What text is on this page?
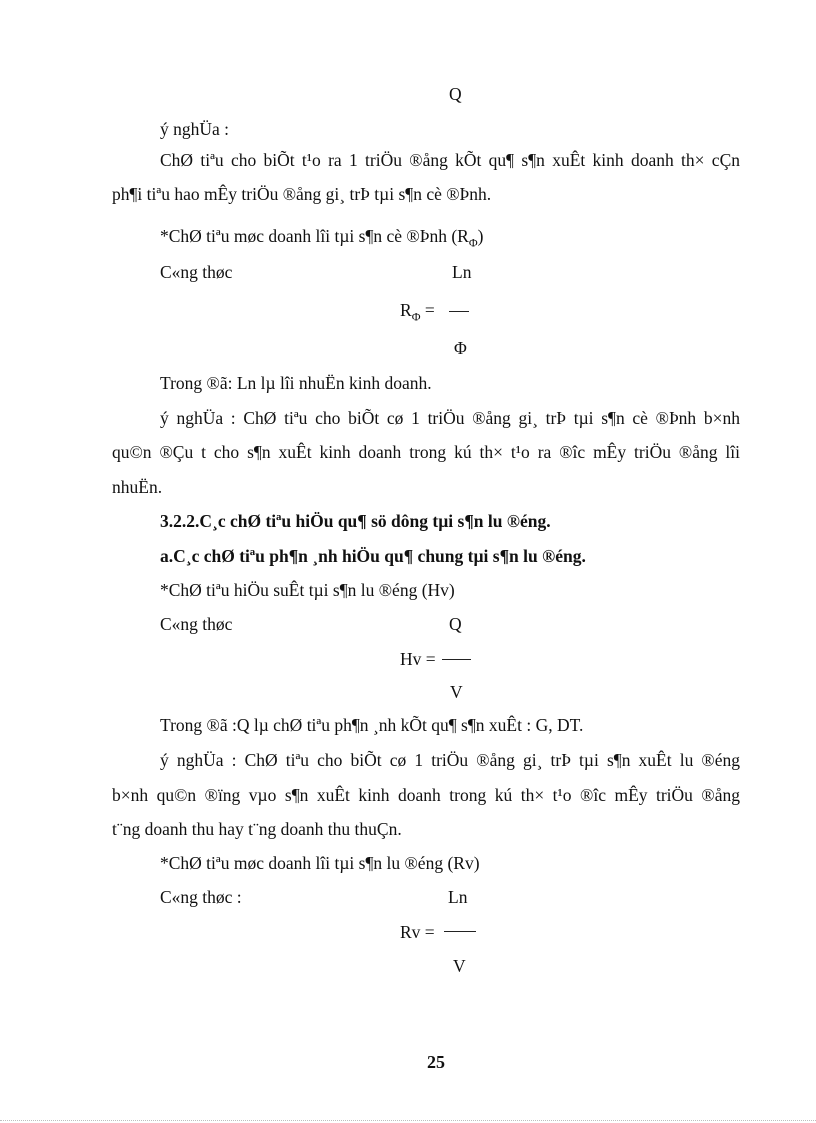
Q
ý nghÜa :
ChØ tiªu cho biÕt t¹o ra 1 triÖu ®ång kÕt qu¶ s¶n xuÊt kinh doanh th× cÇn
ph¶i tiªu hao mÊy triÖu ®ång gi¸ trÞ tµi s¶n cè ®Þnh.
*ChØ tiªu møc doanh lîi tµi s¶n cè ®Þnh $(R_\Phi)$
C«ng thøc	Ln
$R_\Phi$ =
Φ
Trong ®ã: Ln lµ lîi nhuËn kinh doanh.
ý nghÜa : ChØ tiªu cho biÕt cø 1 triÖu ®ång gi¸ trÞ tµi s¶n cè ®Þnh b×nh
qu©n ®Çu t cho s¶n xuÊt kinh doanh trong kú th× t¹o ra ®îc mÊy triÖu ®ång lîi
nhuËn.
3.2.2.C¸c chØ tiªu hiÖu qu¶ sö dông tµi s¶n lu ®éng.
a.C¸c chØ tiªu ph¶n ¸nh hiÖu qu¶ chung tµi s¶n lu ®éng.
*ChØ tiªu hiÖu suÊt tµi s¶n lu ®éng (Hv)
C«ng thøc	Q
Hv =
V
Trong ®ã :Q lµ chØ tiªu ph¶n ¸nh kÕt qu¶ s¶n xuÊt : G, DT.
ý nghÜa : ChØ tiªu cho biÕt cø 1 triÖu ®ång gi¸ trÞ tµi s¶n xuÊt lu ®éng
b×nh qu©n ®ïng vµo s¶n xuÊt kinh doanh trong kú th× t¹o ®îc mÊy triÖu ®ång
t¨ng doanh thu hay t¨ng doanh thu thuÇn.
*ChØ tiªu møc doanh lîi tµi s¶n lu ®éng (Rv)
C«ng thøc :	Ln
Rv =
V
25
